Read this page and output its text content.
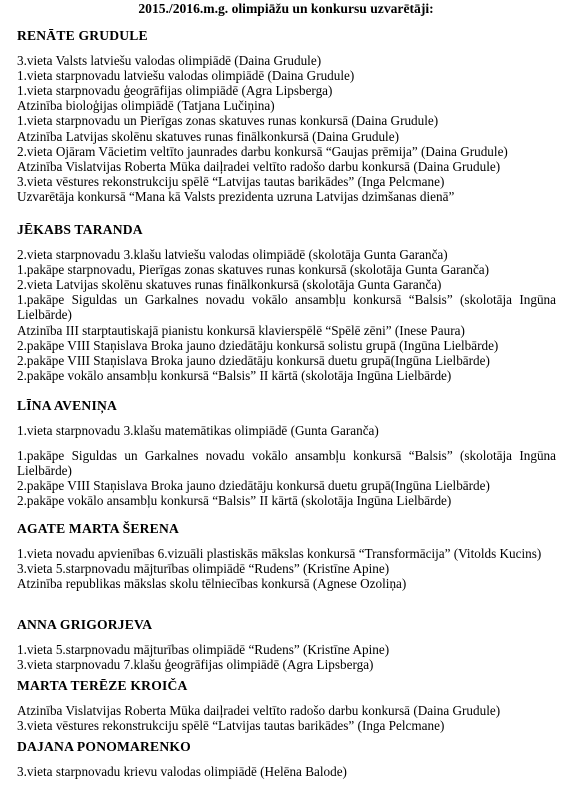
2015./2016.m.g. olimpiāžu un konkursu uzvarētāji:
RENĀTE GRUDULE
3.vieta Valsts latviešu valodas olimpiādē (Daina Grudule)
1.vieta starpnovadu latviešu valodas olimpiādē (Daina Grudule)
1.vieta starpnovadu ģeogrāfijas olimpiādē (Agra Lipsberga)
Atzinība bioloģijas olimpiādē (Tatjana Lučiņina)
1.vieta starpnovadu un Pierīgas zonas skatuves runas konkursā (Daina Grudule)
Atzinība Latvijas skolēnu skatuves runas finālkonkursā (Daina Grudule)
2.vieta Ojāram Vācietim veltīto jaunrades darbu konkursā “Gaujas prēmija” (Daina Grudule)
Atzinība Vislatvijas Roberta Mūka daiļradei veltīto radošo darbu konkursā (Daina Grudule)
3.vieta vēstures rekonstrukciju spēlē “Latvijas tautas barikādes” (Inga Pelcmane)
Uzvarētāja konkursā “Mana kā Valsts prezidenta uzruna Latvijas dzimšanas dienā”
JĒKABS TARANDA
2.vieta starpnovadu 3.klašu latviešu valodas olimpiādē (skolotāja Gunta Garanča)
1.pakāpe starpnovadu, Pierīgas zonas skatuves runas konkursā (skolotāja Gunta Garanča)
2.vieta Latvijas skolēnu skatuves runas finālkonkursā (skolotāja Gunta Garanča)
1.pakāpe Siguldas un Garkalnes novadu vokālo ansambļu konkursā “Balsis” (skolotāja Ingūna Lielbārde)
Atzinība III starptautiskajā pianistu konkursā klavierspēlē “Spēlē zēni” (Inese Paura)
2.pakāpe VIII Staņislava Broka jauno dziedātāju konkursā solistu grupā (Ingūna Lielbārde)
2.pakāpe VIII Staņislava Broka jauno dziedātāju konkursā duetu grupā(Ingūna Lielbārde)
2.pakāpe vokālo ansambļu konkursā “Balsis” II kārtā (skolotāja Ingūna Lielbārde)
LĪNA AVENIŅA
1.vieta starpnovadu 3.klašu matemātikas olimpiādē (Gunta Garanča)
1.pakāpe Siguldas un Garkalnes novadu vokālo ansambļu konkursā “Balsis” (skolotāja Ingūna Lielbārde)
2.pakāpe VIII Staņislava Broka jauno dziedātāju konkursā duetu grupā(Ingūna Lielbārde)
2.pakāpe vokālo ansambļu konkursā “Balsis” II kārtā (skolotāja Ingūna Lielbārde)
AGATE MARTA ŠERENA
1.vieta novadu apvienības 6.vizuāli plastiskās mākslas konkursā “Transformācija” (Vitolds Kucins)
3.vieta 5.starpnovadu mājturības olimpiādē “Rudens” (Kristīne Apine)
Atzinība republikas mākslas skolu tēlniecības konkursā (Agnese Ozoliņa)
ANNA GRIGORJEVA
1.vieta 5.starpnovadu mājturības olimpiādē “Rudens” (Kristīne Apine)
3.vieta starpnovadu 7.klašu ģeogrāfijas olimpiādē (Agra Lipsberga)
MARTA TERĒZE KROIČA
Atzinība Vislatvijas Roberta Mūka daiļradei veltīto radošo darbu konkursā (Daina Grudule)
3.vieta vēstures rekonstrukciju spēlē “Latvijas tautas barikādes” (Inga Pelcmane)
DAJANA PONOMARENKO
3.vieta starpnovadu krievu valodas olimpiādē (Helēna Balode)
